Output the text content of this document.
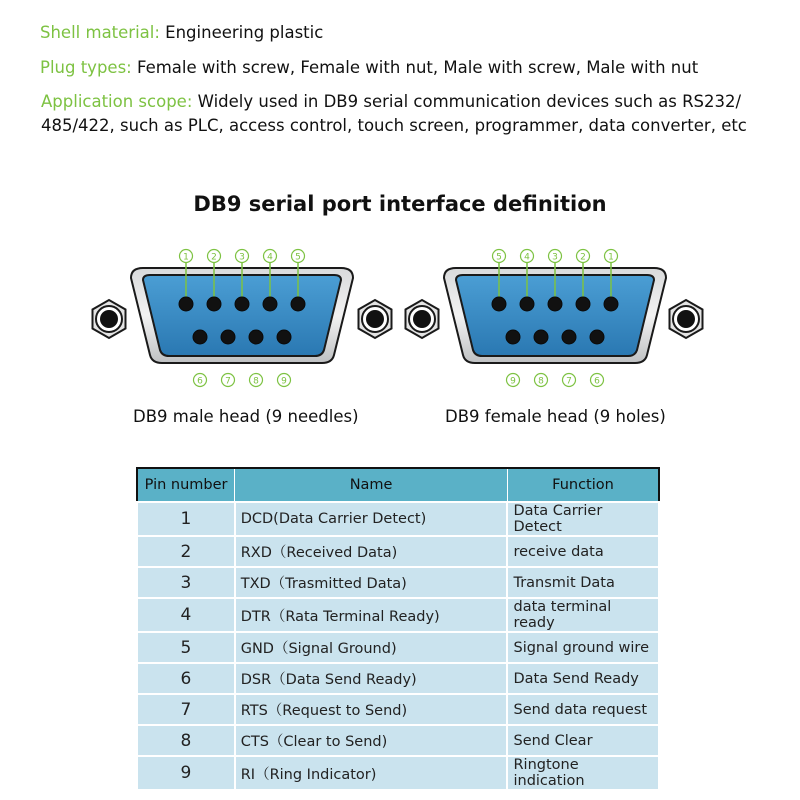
Shell material: Engineering plastic
Plug types: Female with screw, Female with nut, Male with screw, Male with nut
Application scope: Widely used in DB9 serial communication devices such as RS232/
485/422, such as PLC, access control, touch screen, programmer, data converter, etc
DB9 serial port interface definition
1 2 3 4 5
6 7 8 9
5 4 3 2 1
9 8 7 6
DB9 male head (9 needles)	DB9 female head (9 holes)
Pin number	Name	Function
1	DCD(Data Carrier Detect)	Data Carrier Detect
2	RXD（Received Data)	receive data
3	TXD（Trasmitted Data)	Transmit Data
4	DTR（Rata Terminal Ready)	data terminal ready
5	GND（Signal Ground)	Signal ground wire
6	DSR（Data Send Ready)	Data Send Ready
7	RTS（Request to Send)	Send data request
8	CTS（Clear to Send)	Send Clear
9	RI（Ring Indicator)	Ringtone indication
